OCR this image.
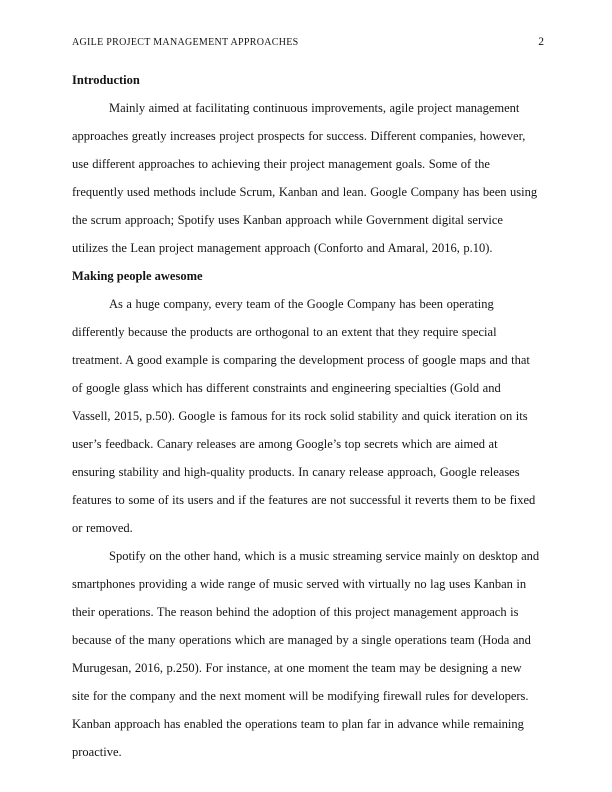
AGILE PROJECT MANAGEMENT APPROACHES	2
Introduction

Mainly aimed at facilitating continuous improvements, agile project management approaches greatly increases project prospects for success. Different companies, however, use different approaches to achieving their project management goals. Some of the frequently used methods include Scrum, Kanban and lean. Google Company has been using the scrum approach; Spotify uses Kanban approach while Government digital service utilizes the Lean project management approach (Conforto and Amaral, 2016, p.10).

Making people awesome

As a huge company, every team of the Google Company has been operating differently because the products are orthogonal to an extent that they require special treatment. A good example is comparing the development process of google maps and that of google glass which has different constraints and engineering specialties (Gold and Vassell, 2015, p.50). Google is famous for its rock solid stability and quick iteration on its user’s feedback. Canary releases are among Google’s top secrets which are aimed at ensuring stability and high-quality products. In canary release approach, Google releases features to some of its users and if the features are not successful it reverts them to be fixed or removed.

Spotify on the other hand, which is a music streaming service mainly on desktop and smartphones providing a wide range of music served with virtually no lag uses Kanban in their operations. The reason behind the adoption of this project management approach is because of the many operations which are managed by a single operations team (Hoda and Murugesan, 2016, p.250). For instance, at one moment the team may be designing a new site for the company and the next moment will be modifying firewall rules for developers. Kanban approach has enabled the operations team to plan far in advance while remaining proactive.
